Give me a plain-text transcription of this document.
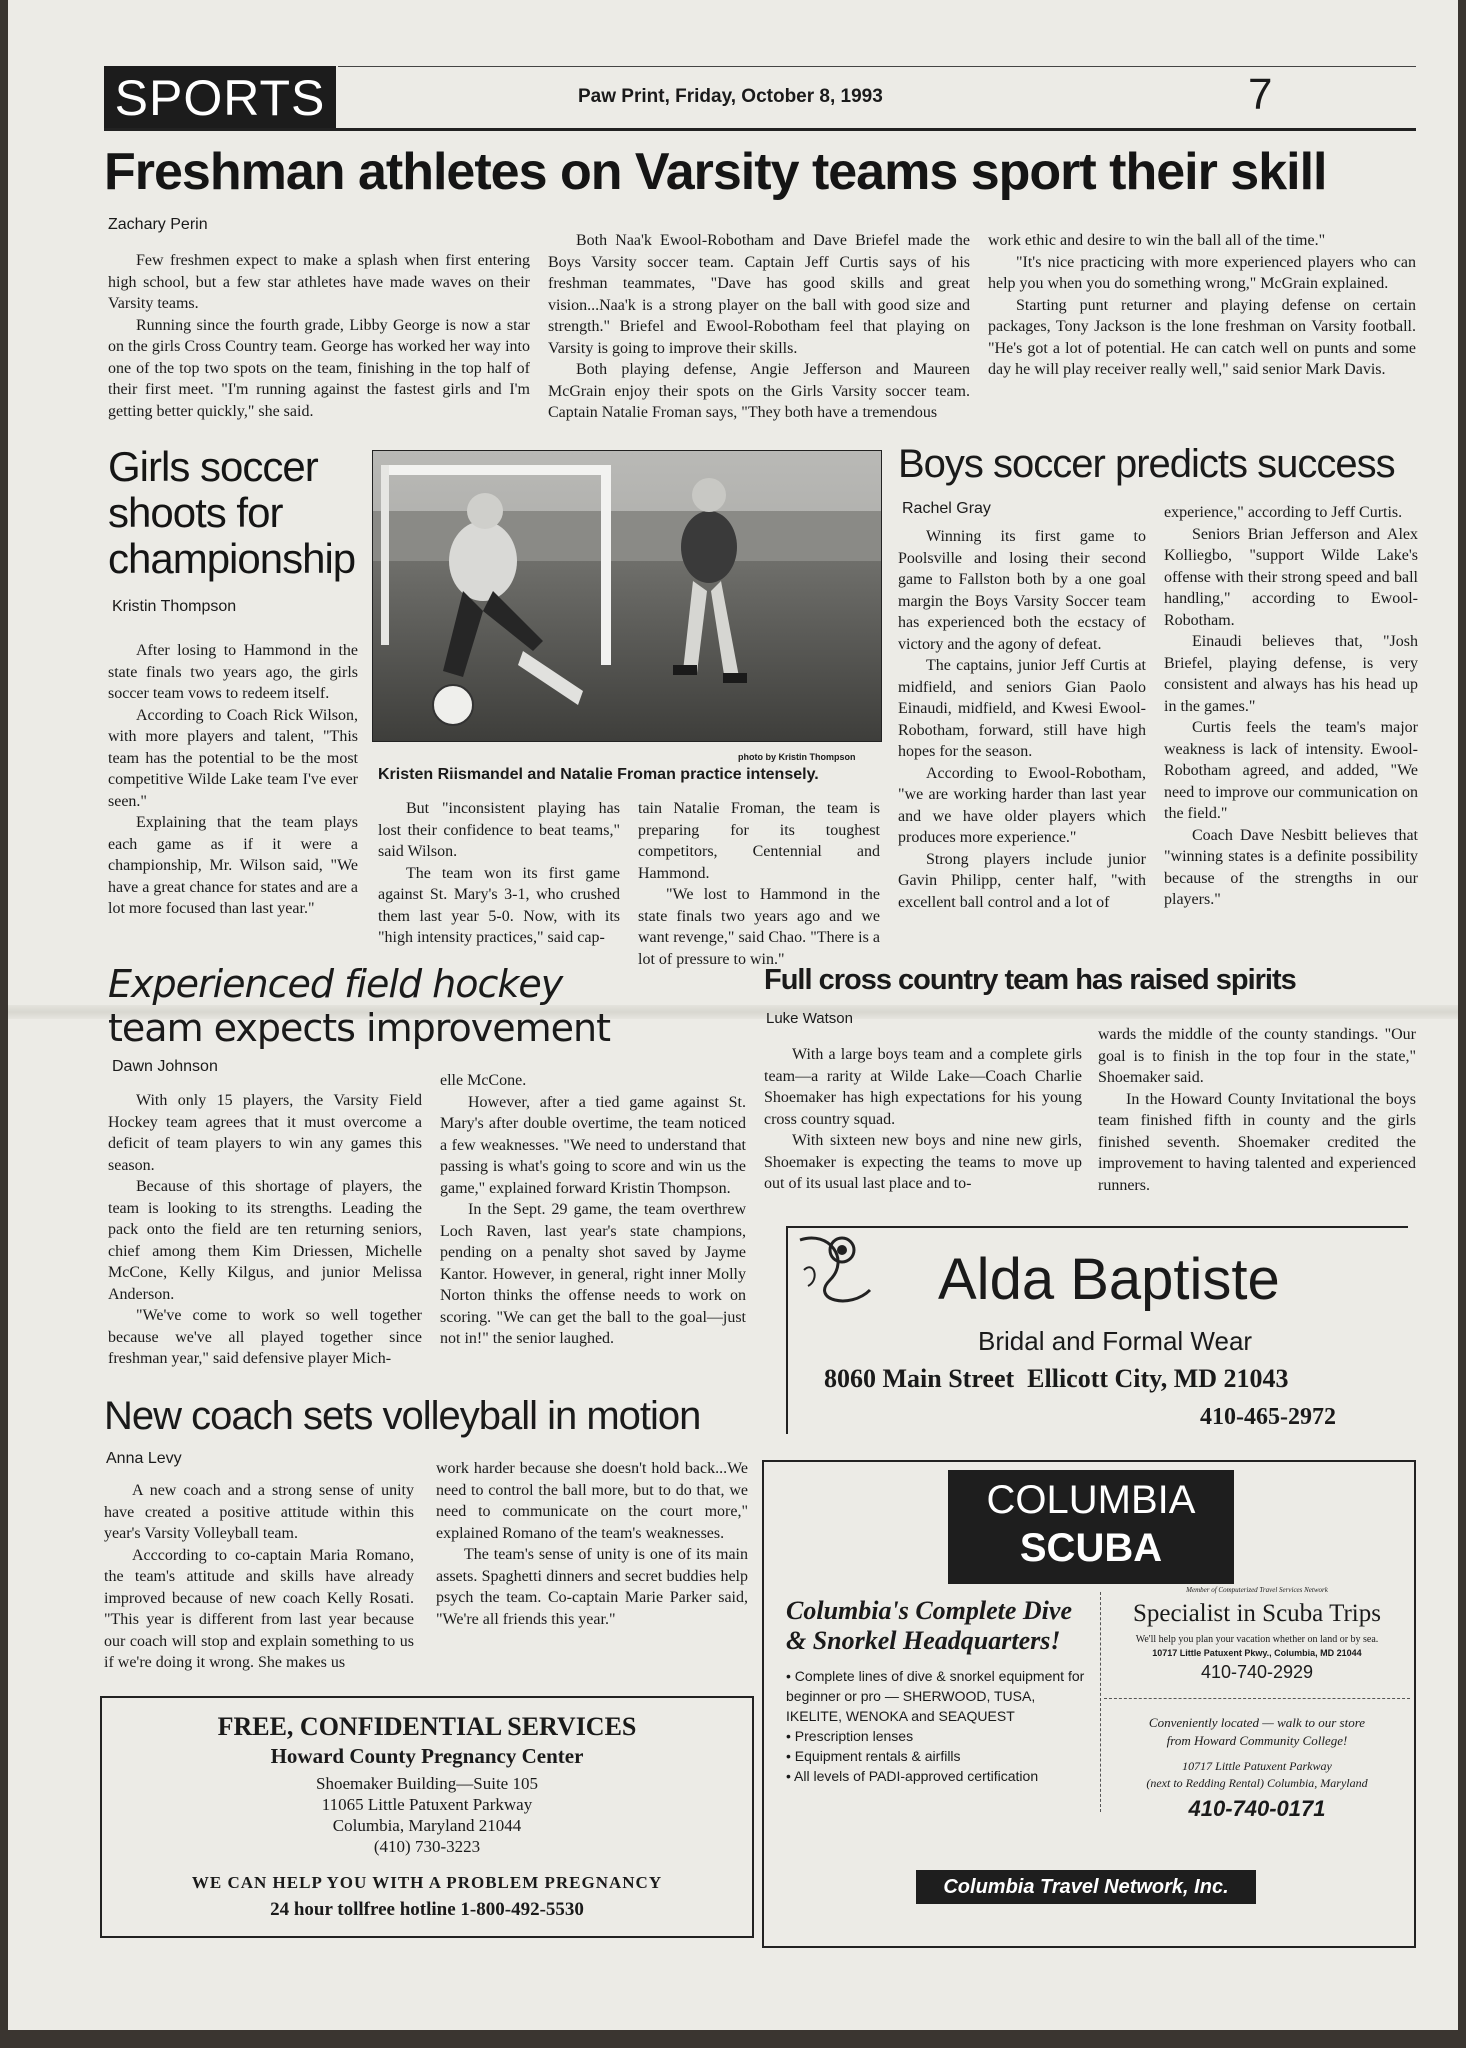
SPORTS	Paw Print, Friday, October 8, 1993	7
Freshman athletes on Varsity teams sport their skill
Zachary Perin

Few freshmen expect to make a splash when first entering high school, but a few star athletes have made waves on their Varsity teams.

Running since the fourth grade, Libby George is now a star on the girls Cross Country team. George has worked her way into one of the top two spots on the team, finishing in the top half of their first meet. "I'm running against the fastest girls and I'm getting better quickly," she said.

Both Naa'k Ewool-Robotham and Dave Briefel made the Boys Varsity soccer team. Captain Jeff Curtis says of his freshman teammates, "Dave has good skills and great vision...Naa'k is a strong player on the ball with good size and strength." Briefel and Ewool-Robotham feel that playing on Varsity is going to improve their skills.

Both playing defense, Angie Jefferson and Maureen McGrain enjoy their spots on the Girls Varsity soccer team. Captain Natalie Froman says, "They both have a tremendous

work ethic and desire to win the ball all of the time."

"It's nice practicing with more experienced players who can help you when you do something wrong," McGrain explained.

Starting punt returner and playing defense on certain packages, Tony Jackson is the lone freshman on Varsity football. "He's got a lot of potential. He can catch well on punts and some day he will play receiver really well," said senior Mark Davis.

Girls soccer
shoots for
championship
Kristin Thompson

After losing to Hammond in the state finals two years ago, the girls soccer team vows to redeem itself.

According to Coach Rick Wilson, with more players and talent, "This team has the potential to be the most competitive Wilde Lake team I've ever seen."

Explaining that the team plays each game as if it were a championship, Mr. Wilson said, "We have a great chance for states and are a lot more focused than last year."

photo by Kristin Thompson
Kristen Riismandel and Natalie Froman practice intensely.

But "inconsistent playing has lost their confidence to beat teams," said Wilson.

The team won its first game against St. Mary's 3-1, who crushed them last year 5-0. Now, with its "high intensity practices," said cap-

tain Natalie Froman, the team is preparing for its toughest competitors, Centennial and Hammond.

"We lost to Hammond in the state finals two years ago and we want revenge," said Chao. "There is a lot of pressure to win."

Boys soccer predicts success
Rachel Gray

Winning its first game to Poolsville and losing their second game to Fallston both by a one goal margin the Boys Varsity Soccer team has experienced both the ecstacy of victory and the agony of defeat.

The captains, junior Jeff Curtis at midfield, and seniors Gian Paolo Einaudi, midfield, and Kwesi Ewool-Robotham, forward, still have high hopes for the season.

According to Ewool-Robotham, "we are working harder than last year and we have older players which produces more experience."

Strong players include junior Gavin Philipp, center half, "with excellent ball control and a lot of

experience," according to Jeff Curtis.

Seniors Brian Jefferson and Alex Kolliegbo, "support Wilde Lake's offense with their strong speed and ball handling," according to Ewool-Robotham.

Einaudi believes that, "Josh Briefel, playing defense, is very consistent and always has his head up in the games."

Curtis feels the team's major weakness is lack of intensity. Ewool-Robotham agreed, and added, "We need to improve our communication on the field."

Coach Dave Nesbitt believes that "winning states is a definite possibility because of the strengths in our players."

Experienced field hockey
team expects improvement
Dawn Johnson

With only 15 players, the Varsity Field Hockey team agrees that it must overcome a deficit of team players to win any games this season.

Because of this shortage of players, the team is looking to its strengths. Leading the pack onto the field are ten returning seniors, chief among them Kim Driessen, Michelle McCone, Kelly Kilgus, and junior Melissa Anderson.

"We've come to work so well together because we've all played together since freshman year," said defensive player Mich-

elle McCone.

However, after a tied game against St. Mary's after double overtime, the team noticed a few weaknesses. "We need to understand that passing is what's going to score and win us the game," explained forward Kristin Thompson.

In the Sept. 29 game, the team overthrew Loch Raven, last year's state champions, pending on a penalty shot saved by Jayme Kantor. However, in general, right inner Molly Norton thinks the offense needs to work on scoring. "We can get the ball to the goal—just not in!" the senior laughed.

Full cross country team has raised spirits
Luke Watson

With a large boys team and a complete girls team—a rarity at Wilde Lake—Coach Charlie Shoemaker has high expectations for his young cross country squad.

With sixteen new boys and nine new girls, Shoemaker is expecting the teams to move up out of its usual last place and to-

wards the middle of the county standings. "Our goal is to finish in the top four in the state," Shoemaker said.

In the Howard County Invitational the boys team finished fifth in county and the girls finished seventh. Shoemaker credited the improvement to having talented and experienced runners.

Alda Baptiste
Bridal and Formal Wear
8060 Main Street  Ellicott City, MD 21043
410-465-2972
New coach sets volleyball in motion
Anna Levy

A new coach and a strong sense of unity have created a positive attitude within this year's Varsity Volleyball team.

Acccording to co-captain Maria Romano, the team's attitude and skills have already improved because of new coach Kelly Rosati. "This year is different from last year because our coach will stop and explain something to us if we're doing it wrong. She makes us

work harder because she doesn't hold back...We need to control the ball more, but to do that, we need to communicate on the court more," explained Romano of the team's weaknesses.

The team's sense of unity is one of its main assets. Spaghetti dinners and secret buddies help psych the team. Co-captain Marie Parker said, "We're all friends this year."

FREE, CONFIDENTIAL SERVICES
Howard County Pregnancy Center
Shoemaker Building—Suite 105
11065 Little Patuxent Parkway
Columbia, Maryland 21044
(410) 730-3223
WE CAN HELP YOU WITH A PROBLEM PREGNANCY
24 hour tollfree hotline 1-800-492-5530
COLUMBIA
SCUBA
Columbia's Complete Dive
& Snorkel Headquarters!
• Complete lines of dive & snorkel equipment for beginner or pro — SHERWOOD, TUSA, IKELITE, WENOKA and SEAQUEST
• Prescription lenses
• Equipment rentals & airfills
• All levels of PADI-approved certification
Member of Computerized Travel Services Network
Specialist in Scuba Trips
We'll help you plan your vacation whether on land or by sea.
10717 Little Patuxent Pkwy., Columbia, MD 21044
410-740-2929
Conveniently located — walk to our store
from Howard Community College!
10717 Little Patuxent Parkway
(next to Redding Rental) Columbia, Maryland
410-740-0171
Columbia Travel Network, Inc.
